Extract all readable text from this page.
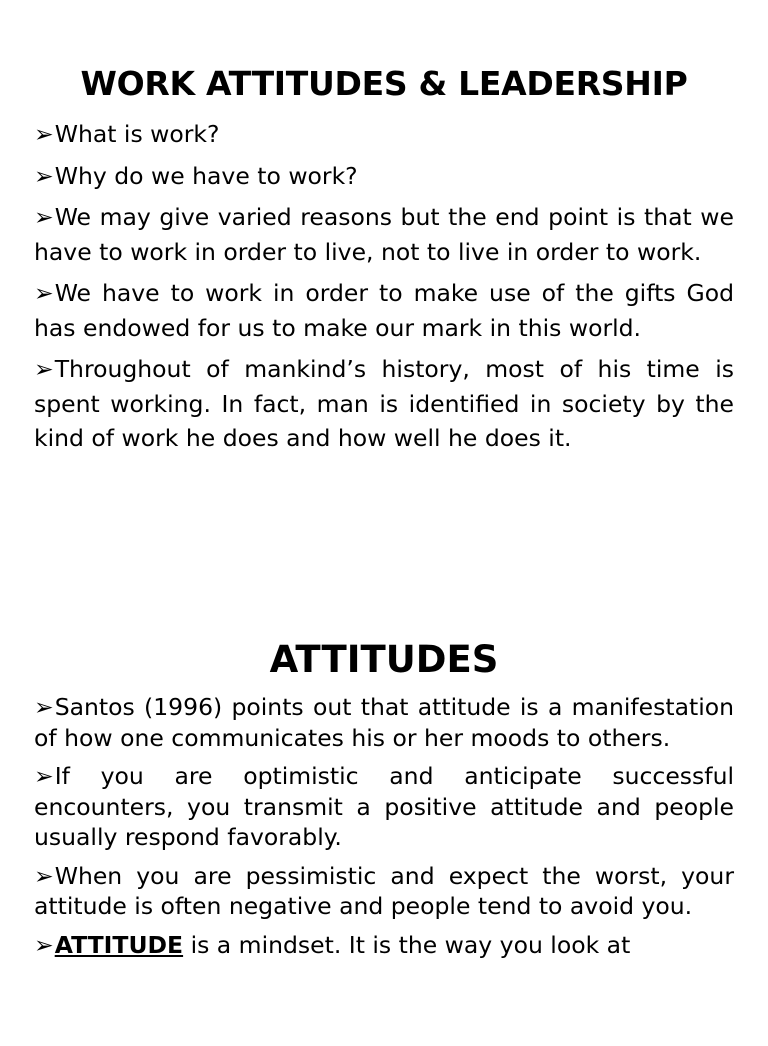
WORK ATTITUDES & LEADERSHIP
➢What is work?
➢Why do we have to work?
➢We may give varied reasons but the end point is that we have to work in order to live, not to live in order to work.
➢We have to work in order to make use of the gifts God has endowed for us to make our mark in this world.
➢Throughout of mankind’s history, most of his time is spent working. In fact, man is identified in society by the kind of work he does and how well he does it.
ATTITUDES
➢Santos (1996) points out that attitude is a manifestation of how one communicates his or her moods to others.
➢If you are optimistic and anticipate successful encounters, you transmit a positive attitude and people usually respond favorably.
➢When you are pessimistic and expect the worst, your attitude is often negative and people tend to avoid you.
➢ATTITUDE is a mindset. It is the way you look at
